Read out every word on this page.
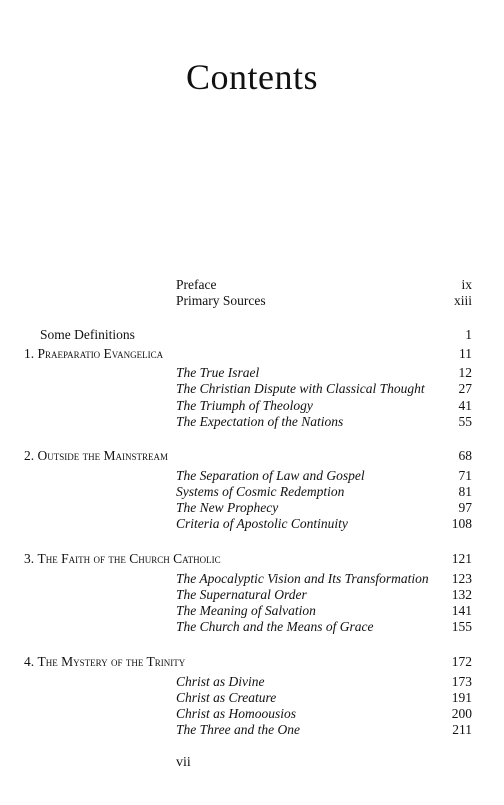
Contents
Preface	ix
Primary Sources	xiii
Some Definitions	1
1. Praeparatio Evangelica	11
The True Israel	12
The Christian Dispute with Classical Thought	27
The Triumph of Theology	41
The Expectation of the Nations	55
2. Outside the Mainstream	68
The Separation of Law and Gospel	71
Systems of Cosmic Redemption	81
The New Prophecy	97
Criteria of Apostolic Continuity	108
3. The Faith of the Church Catholic	121
The Apocalyptic Vision and Its Transformation 123
The Supernatural Order	132
The Meaning of Salvation	141
The Church and the Means of Grace	155
4. The Mystery of the Trinity	172
Christ as Divine	173
Christ as Creature	191
Christ as Homoousios	200
The Three and the One	211
vii
